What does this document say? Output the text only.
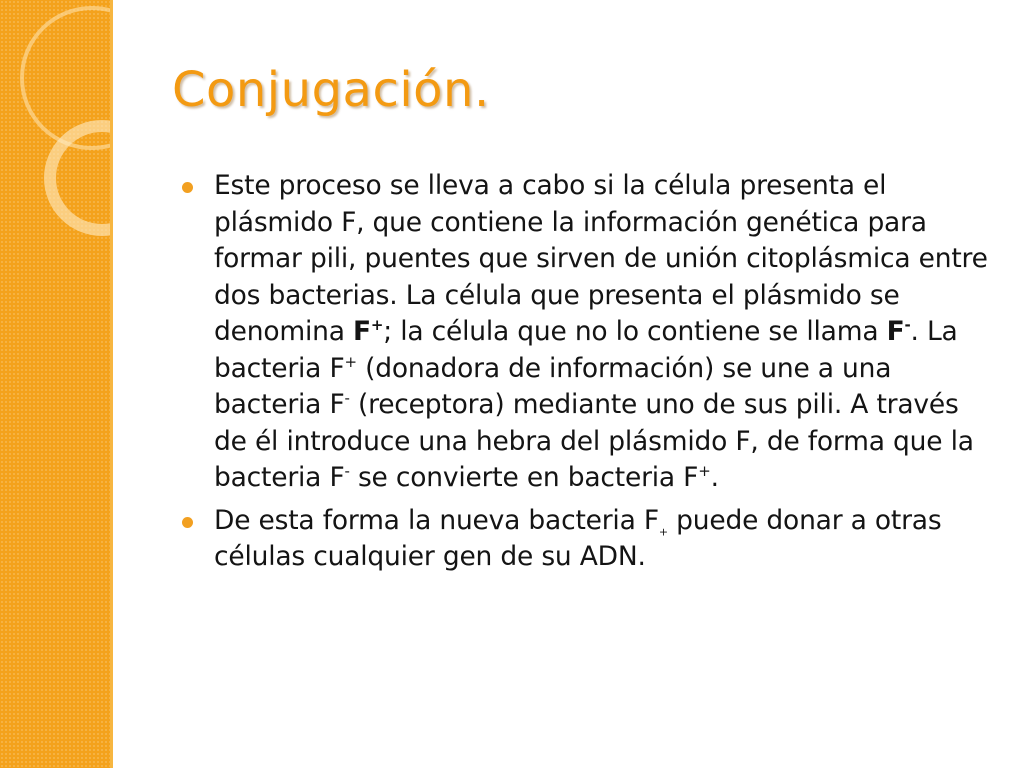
Conjugación.

Este proceso se lleva a cabo si la célula presenta el plásmido F, que contiene la información genética para formar pili, puentes que sirven de unión citoplásmica entre dos bacterias. La célula que presenta el plásmido se denomina F+; la célula que no lo contiene se llama F-. La bacteria F+ (donadora de información) se une a una bacteria F- (receptora) mediante uno de sus pili. A través de él introduce una hebra del plásmido F, de forma que la bacteria F- se convierte en bacteria F+.

De esta forma la nueva bacteria $F_+$ puede donar a otras células cualquier gen de su ADN.
